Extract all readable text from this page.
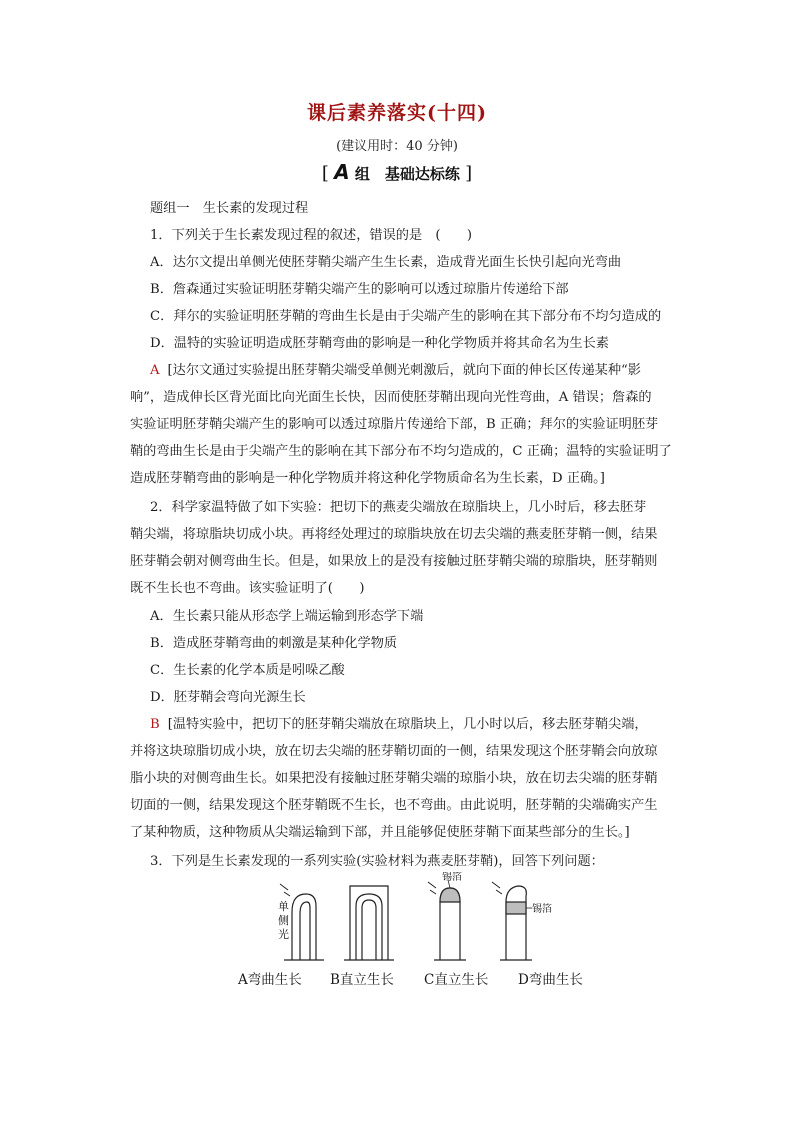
课后素养落实(十四)
(建议用时：40 分钟)
[ A 组　基础达标练 ]
题组一　生长素的发现过程
1．下列关于生长素发现过程的叙述，错误的是　(　　)
A．达尔文提出单侧光使胚芽鞘尖端产生生长素，造成背光面生长快引起向光弯曲
B．詹森通过实验证明胚芽鞘尖端产生的影响可以透过琼脂片传递给下部
C．拜尔的实验证明胚芽鞘的弯曲生长是由于尖端产生的影响在其下部分布不均匀造成的
D．温特的实验证明造成胚芽鞘弯曲的影响是一种化学物质并将其命名为生长素
A [达尔文通过实验提出胚芽鞘尖端受单侧光刺激后，就向下面的伸长区传递某种“影
响”，造成伸长区背光面比向光面生长快，因而使胚芽鞘出现向光性弯曲，A 错误；詹森的
实验证明胚芽鞘尖端产生的影响可以透过琼脂片传递给下部，B 正确；拜尔的实验证明胚芽
鞘的弯曲生长是由于尖端产生的影响在其下部分布不均匀造成的，C 正确；温特的实验证明了
造成胚芽鞘弯曲的影响是一种化学物质并将这种化学物质命名为生长素，D 正确。]
2．科学家温特做了如下实验：把切下的燕麦尖端放在琼脂块上，几小时后，移去胚芽
鞘尖端，将琼脂块切成小块。再将经处理过的琼脂块放在切去尖端的燕麦胚芽鞘一侧，结果
胚芽鞘会朝对侧弯曲生长。但是，如果放上的是没有接触过胚芽鞘尖端的琼脂块，胚芽鞘则
既不生长也不弯曲。该实验证明了(　　)
A．生长素只能从形态学上端运输到形态学下端
B．造成胚芽鞘弯曲的刺激是某种化学物质
C．生长素的化学本质是吲哚乙酸
D．胚芽鞘会弯向光源生长
B [温特实验中，把切下的胚芽鞘尖端放在琼脂块上，几小时以后，移去胚芽鞘尖端，
并将这块琼脂切成小块，放在切去尖端的胚芽鞘切面的一侧，结果发现这个胚芽鞘会向放琼
脂小块的对侧弯曲生长。如果把没有接触过胚芽鞘尖端的琼脂小块，放在切去尖端的胚芽鞘
切面的一侧，结果发现这个胚芽鞘既不生长，也不弯曲。由此说明，胚芽鞘的尖端确实产生
了某种物质，这种物质从尖端运输到下部，并且能够促使胚芽鞘下面某些部分的生长。]
3．下列是生长素发现的一系列实验(实验材料为燕麦胚芽鞘)，回答下列问题：
单
侧
光
锡箔
锡箔
A弯曲生长 B直立生长 C直立生长 D弯曲生长
